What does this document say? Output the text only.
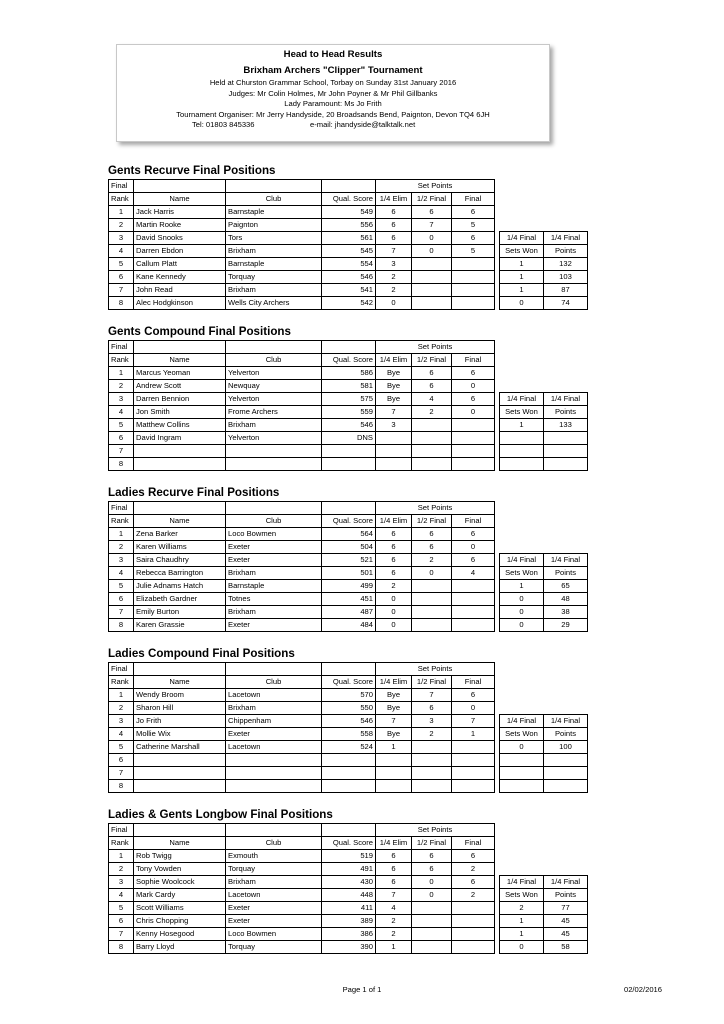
Head to Head Results
Brixham Archers "Clipper" Tournament
Held at Churston Grammar School, Torbay on Sunday 31st January 2016
Judges: Mr Colin Holmes, Mr John Poyner & Mr Phil Gillbanks
Lady Paramount: Ms Jo Frith
Tournament Organiser: Mr Jerry Handyside, 20 Broadsands Bend, Paignton, Devon TQ4 6JH
Tel: 01803 845336	e-mail: jhandyside@talktalk.net
Gents Recurve Final Positions
Final				Set Points					
Rank	Name	Club	Qual. Score	1/4 Elim	1/2 Final	Final			
1	Jack Harris	Barnstaple	549	6	6	6			
2	Martin Rooke	Paignton	556	6	7	5			
3	David Snooks	Tors	561	6	0	6		1/4 Final	1/4 Final
4	Darren Ebdon	Brixham	545	7	0	5		Sets Won	Points
5	Callum Platt	Barnstaple	554	3				1	132
6	Kane Kennedy	Torquay	546	2				1	103
7	John Read	Brixham	541	2				1	87
8	Alec Hodgkinson	Wells City Archers	542	0				0	74
Gents Compound Final Positions
Final				Set Points					
Rank	Name	Club	Qual. Score	1/4 Elim	1/2 Final	Final			
1	Marcus Yeoman	Yelverton	586	Bye	6	6			
2	Andrew Scott	Newquay	581	Bye	6	0			
3	Darren Bennion	Yelverton	575	Bye	4	6		1/4 Final	1/4 Final
4	Jon Smith	Frome Archers	559	7	2	0		Sets Won	Points
5	Matthew Collins	Brixham	546	3				1	133
6	David Ingram	Yelverton	DNS						
7									
8									
Ladies Recurve Final Positions
Final				Set Points					
Rank	Name	Club	Qual. Score	1/4 Elim	1/2 Final	Final			
1	Zena Barker	Loco Bowmen	564	6	6	6			
2	Karen Williams	Exeter	504	6	6	0			
3	Saira Chaudhry	Exeter	521	6	2	6		1/4 Final	1/4 Final
4	Rebecca Barrington	Brixham	501	6	0	4		Sets Won	Points
5	Julie Adnams Hatch	Barnstaple	499	2				1	65
6	Elizabeth Gardner	Totnes	451	0				0	48
7	Emily Burton	Brixham	487	0				0	38
8	Karen Grassie	Exeter	484	0				0	29
Ladies Compound Final Positions
Final				Set Points					
Rank	Name	Club	Qual. Score	1/4 Elim	1/2 Final	Final			
1	Wendy Broom	Lacetown	570	Bye	7	6			
2	Sharon Hill	Brixham	550	Bye	6	0			
3	Jo Frith	Chippenham	546	7	3	7		1/4 Final	1/4 Final
4	Mollie Wix	Exeter	558	Bye	2	1		Sets Won	Points
5	Catherine Marshall	Lacetown	524	1				0	100
6									
7									
8									
Ladies & Gents Longbow Final Positions
Final				Set Points					
Rank	Name	Club	Qual. Score	1/4 Elim	1/2 Final	Final			
1	Rob Twigg	Exmouth	519	6	6	6			
2	Tony Vowden	Torquay	491	6	6	2			
3	Sophie Woolcock	Brixham	430	6	0	6		1/4 Final	1/4 Final
4	Mark Cardy	Lacetown	448	7	0	2		Sets Won	Points
5	Scott Williams	Exeter	411	4				2	77
6	Chris Chopping	Exeter	389	2				1	45
7	Kenny Hosegood	Loco Bowmen	386	2				1	45
8	Barry Lloyd	Torquay	390	1				0	58
Page 1 of 1	02/02/2016
